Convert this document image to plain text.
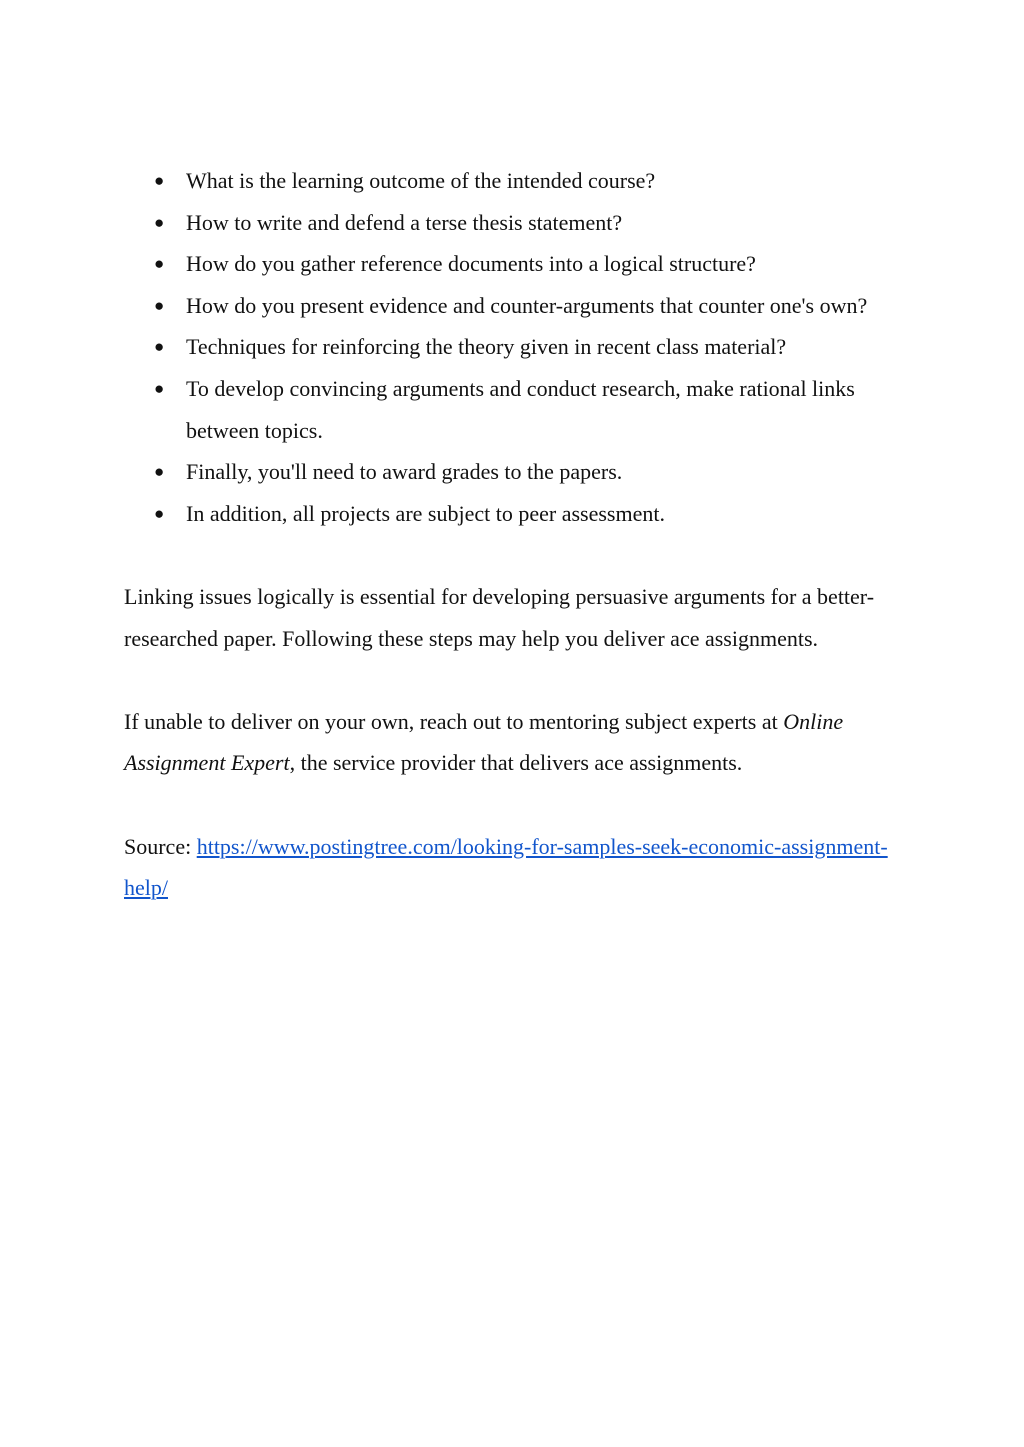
● What is the learning outcome of the intended course?
● How to write and defend a terse thesis statement?
● How do you gather reference documents into a logical structure?
● How do you present evidence and counter-arguments that counter one's own?
● Techniques for reinforcing the theory given in recent class material?
● To develop convincing arguments and conduct research, make rational links between topics.
● Finally, you'll need to award grades to the papers.
● In addition, all projects are subject to peer assessment.

Linking issues logically is essential for developing persuasive arguments for a better-researched paper. Following these steps may help you deliver ace assignments.

If unable to deliver on your own, reach out to mentoring subject experts at Online Assignment Expert, the service provider that delivers ace assignments.

Source: https://www.postingtree.com/looking-for-samples-seek-economic-assignment-help/
